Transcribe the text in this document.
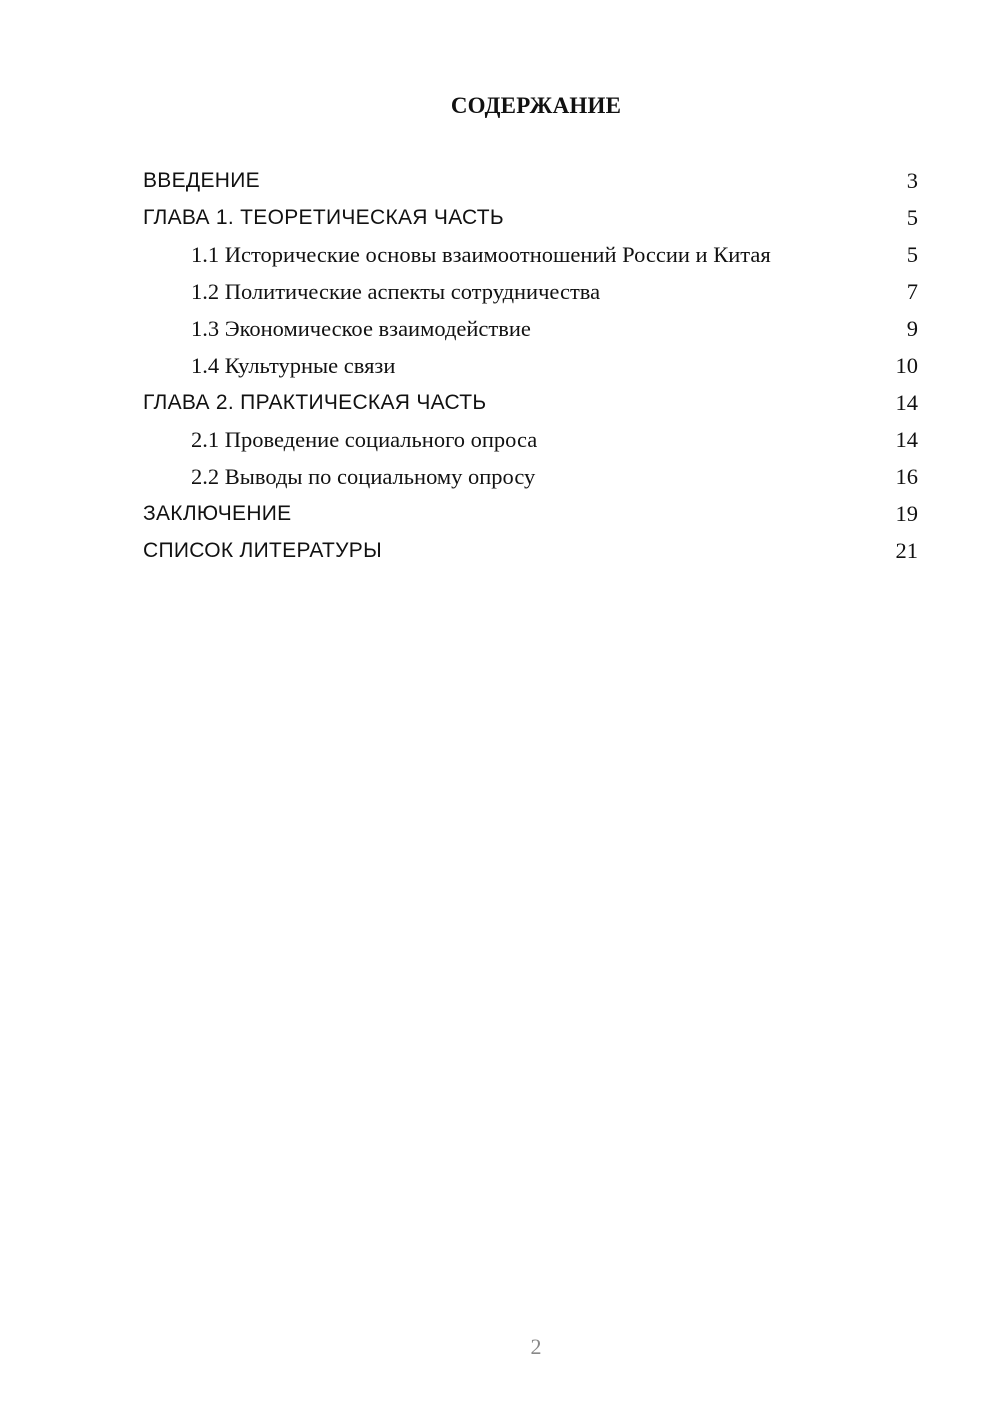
СОДЕРЖАНИЕ
ВВЕДЕНИЕ	3
ГЛАВА 1. ТЕОРЕТИЧЕСКАЯ ЧАСТЬ	5
1.1 Исторические основы взаимоотношений России и Китая	5
1.2 Политические аспекты сотрудничества	7
1.3 Экономическое взаимодействие	9
1.4 Культурные связи	10
ГЛАВА 2. ПРАКТИЧЕСКАЯ ЧАСТЬ	14
2.1 Проведение социального опроса	14
2.2 Выводы по социальному опросу	16
ЗАКЛЮЧЕНИЕ	19
СПИСОК ЛИТЕРАТУРЫ	21
2
